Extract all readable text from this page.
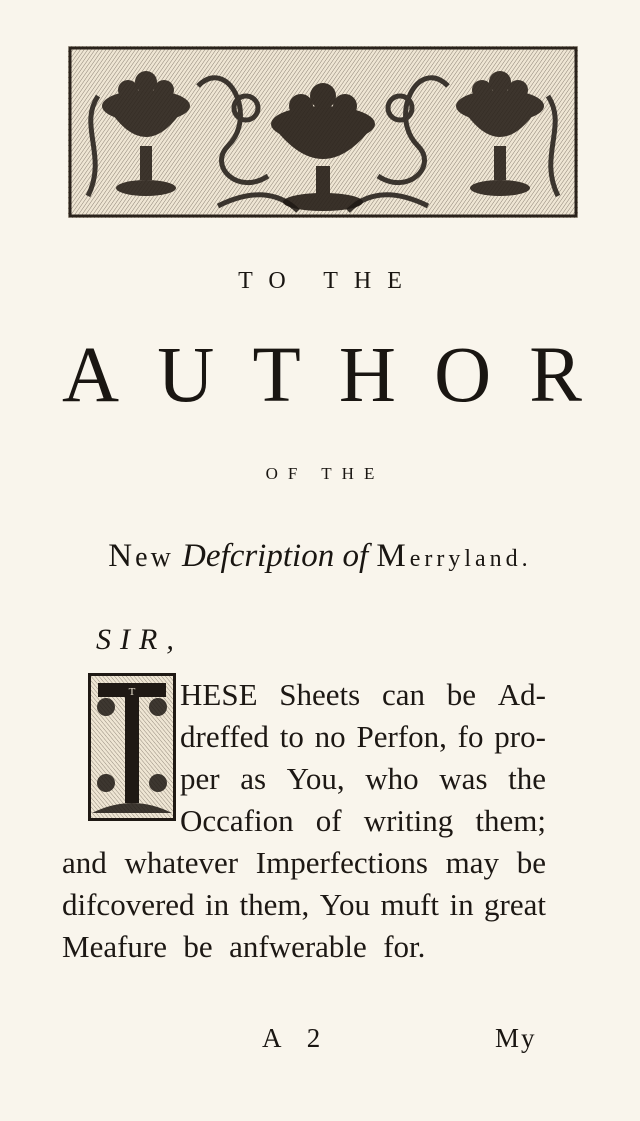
TO THE
A U T H O R
OF THE
New Defcription of Merryland.
SIR,
T HESE Sheets can be Ad-
dreffed to no Perfon, fo pro-
per as You, who was the
Occafion of writing them;
and whatever Imperfections may be
difcovered in them, You muft in great
Meafure be anfwerable for.
A 2	My
